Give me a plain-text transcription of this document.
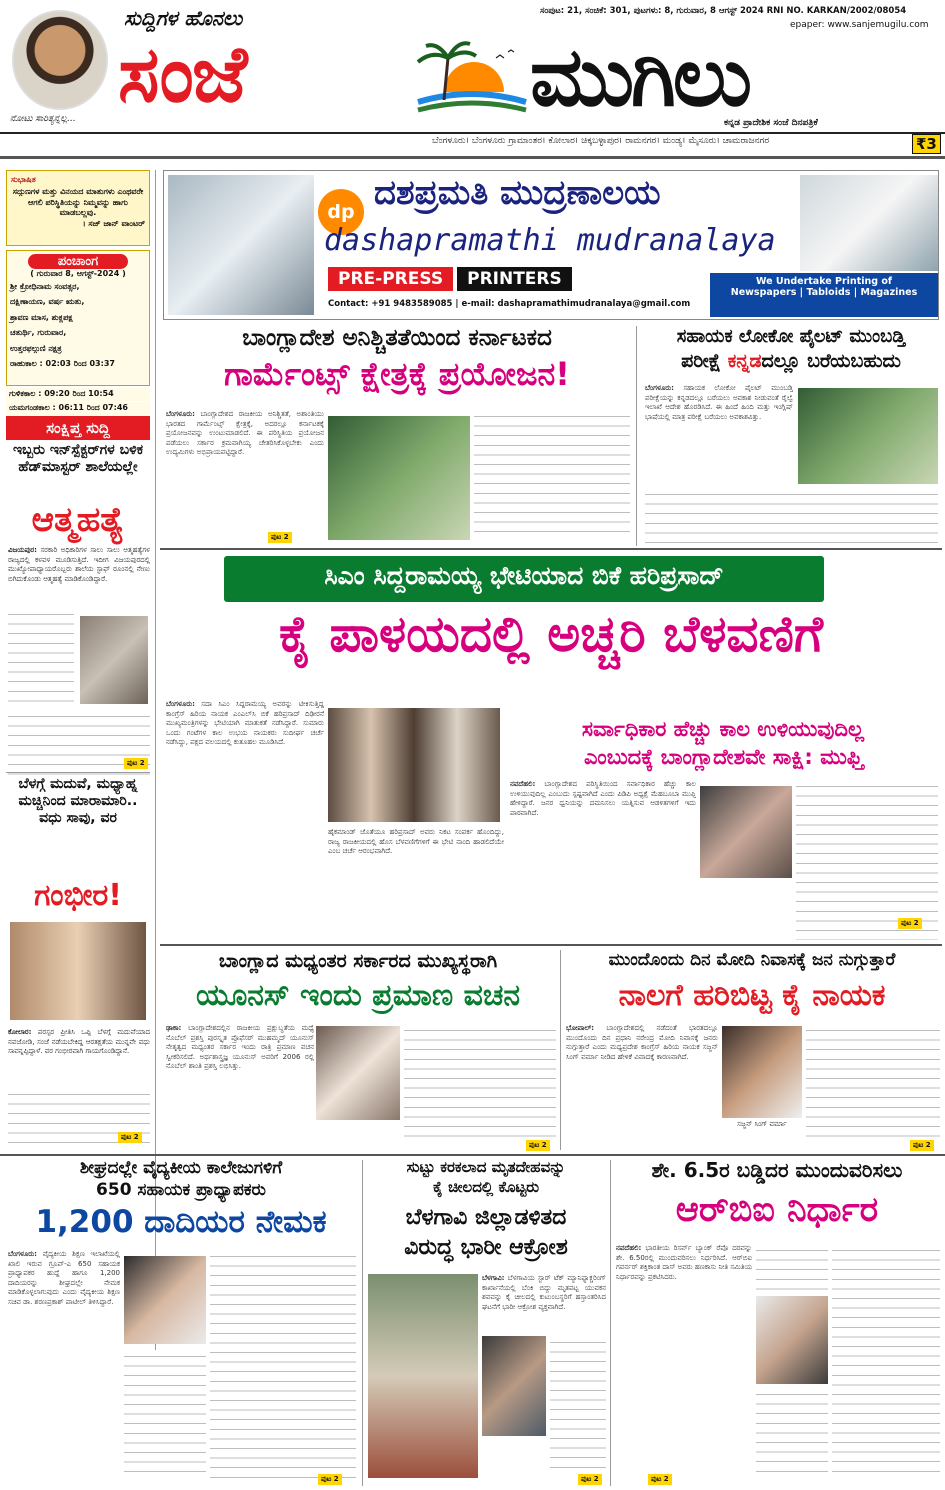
ನೋಟು ಸಾರಿತ್ಯನ್ನಲ್ಲ...
ಸುದ್ದಿಗಳ ಹೊನಲು
ಸಂಜೆ	ಮುಗಿಲು
ಸಂಪುಟ: 21, ಸಂಚಿಕೆ: 301, ಪುಟಗಳು: 8, ಗುರುವಾರ, 8 ಆಗಸ್ಟ್ 2024 RNI NO. KARKAN/2002/08054
epaper: www.sanjemugilu.com
ಕನ್ನಡ ಪ್ರಾದೇಶಿಕ ಸಂಜೆ ದಿನಪತ್ರಿಕೆ
ಬೆಂಗಳೂರು। ಬೆಂಗಳೂರು ಗ್ರಾಮಾಂತರ। ಕೋಲಾರ। ಚಿಕ್ಕಬಳ್ಳಾಪುರ। ರಾಮನಗರ। ಮಂಡ್ಯ। ಮೈಸೂರು। ಚಾಮರಾಜನಗರ	₹3
ಸುಭಾಷಿತ
ಸದ್ಗುಣಗಳ ಮತ್ತು ವಿನಯದ ಮಾತುಗಳು ಎಂಥವರೇ ಆಗಲಿ ಪರಿಸ್ಥಿತಿಯನ್ನು ನಿಮ್ಮವನ್ನು ಹಾಗು ಮಾಡಬಲ್ಲವು.
। ಸಜ್ ಜಾನ್ ವಾಂಟರ್
ಪಂಚಾಂಗ
( ಗುರುವಾರ 8, ಆಗಸ್ಟ್-2024 )
ಶ್ರೀ ಕ್ರೋಧಿನಾಮ ಸಂವತ್ಸರ,
ದಕ್ಷಿಣಾಯಣ, ವರ್ಷ ಋತು,
ಶ್ರಾವಣ ಮಾಸ, ಶುಕ್ಲಪಕ್ಷ
ಚತುರ್ಥಿ, ಗುರುವಾರ,
ಉತ್ತರಫಲ್ಗುಣಿ ನಕ್ಷತ್ರ
ರಾಹುಕಾಲ : 02:03 ರಿಂದ 03:37
ಗುಳಿಕಕಾಲ : 09:20 ರಿಂದ 10:54
ಯಮಗಂಡಕಾಲ : 06:11 ರಿಂದ 07:46
ಸಂಕ್ಷಿಪ್ತ ಸುದ್ದಿ
ಇಬ್ಬರು ಇನ್‌ಸ್ಪೆಕ್ಟರ್‌ಗಳ ಬಳಿಕ ಹೆಡ್‌ಮಾಸ್ಟರ್ ಶಾಲೆಯಲ್ಲೇ
ಆತ್ಮಹತ್ಯೆ
ವಿಜಯಪುರ: ಸರಕಾರಿ ಅಧಿಕಾರಿಗಳ ಸಾಲು ಸಾಲು ಆತ್ಮಹತ್ಯೆಗಳ ರಾಜ್ಯದಲ್ಲಿ ಕಳವಳ ಮೂಡಿಸುತ್ತಿದೆ. ಇದೀಗ ವಿಜಯಪುರದಲ್ಲಿ ಮುಖ್ಯೋಪಾಧ್ಯಾಯರೊಬ್ಬರು ಶಾಲೆಯ ಸ್ಟಾಫ್ ರೂಂನಲ್ಲಿ ನೇಣು ಬಿಗಿದುಕೊಂಡು ಆತ್ಮಹತ್ಯೆ ಮಾಡಿಕೊಂಡಿದ್ದಾರೆ.
ಪುಟ 2
ಬೆಳಗ್ಗೆ ಮದುವೆ, ಮಧ್ಯಾಹ್ನ ಮಚ್ಚಿನಿಂದ ಮಾರಾಮಾರಿ.. ವಧು ಸಾವು, ವರ
ಗಂಭೀರ!
ಕೋಲಾರ: ಪರಸ್ಪರ ಪ್ರೀತಿಸಿ ಒಪ್ಪಿ ಬೆಳಗ್ಗೆ ಮದುವೆಯಾದ ನವಜೋಡಿ, ಸಂಜೆ ನಡೆಯಬೇಕಿದ್ದ ಆರತಕ್ಷತೆಯ ಮುನ್ನವೇ ವಧು ಸಾವನ್ನಪ್ಪಿದ್ದಾಳೆ. ವರ ಗಂಭೀರವಾಗಿ ಗಾಯಗೊಂಡಿದ್ದಾನೆ.
ಪುಟ 2
dp ದಶಪ್ರಮತಿ ಮುದ್ರಣಾಲಯ
dashapramathi mudranalaya
PRE-PRESS	PRINTERS
Contact: +91 9483589085 | e-mail: dashapramathimudranalaya@gmail.com
We Undertake Printing of
Newspapers | Tabloids | Magazines
ಬಾಂಗ್ಲಾದೇಶ ಅನಿಶ್ಚಿತತೆಯಿಂದ ಕರ್ನಾಟಕದ
ಗಾರ್ಮೆಂಟ್ಸ್ ಕ್ಷೇತ್ರಕ್ಕೆ ಪ್ರಯೋಜನ!
ಬೆಂಗಳೂರು: ಬಾಂಗ್ಲಾದೇಶದ ರಾಜಕೀಯ ಅನಿಶ್ಚಿತತೆ, ಅಶಾಂತಿಯು ಭಾರತದ ಗಾರ್ಮೆಂಟ್ಸ್ ಕ್ಷೇತ್ರಕ್ಕೆ, ಅದರಲ್ಲೂ ಕರ್ನಾಟಕಕ್ಕೆ ಪ್ರಯೋಜನವನ್ನು ಉಂಟುಮಾಡಲಿದೆ. ಈ ಪರಿಸ್ಥಿತಿಯ ಪ್ರಯೋಜನ ಪಡೆಯಲು ಸರ್ಕಾರ ಕ್ರಮವಾಗಿಯ್ಯ ಚೇತರಿಸಿಕೊಳ್ಳಬೇಕು ಎಂದು ಉದ್ಯಮಿಗಳು ಅಭಿಪ್ರಾಯಪಟ್ಟಿದ್ದಾರೆ.
ಪುಟ 2
ಸಹಾಯಕ ಲೋಕೋ ಪೈಲಟ್ ಮುಂಬಡ್ತಿ
ಪರೀಕ್ಷೆ ಕನ್ನಡದಲ್ಲೂ ಬರೆಯಬಹುದು
ಬೆಂಗಳೂರು: ಸಹಾಯಕ ಲೋಕೋ ಪೈಲಟ್ ಮುಂಬಡ್ತಿ ಪರೀಕ್ಷೆಯನ್ನು ಕನ್ನಡದಲ್ಲೂ ಬರೆಯಲು ಅವಕಾಶ ನೀಡುವಂತೆ ರೈಲ್ವೆ ಇಲಾಖೆ ಆದೇಶ ಹೊರಡಿಸಿದೆ. ಈ ಹಿಂದೆ ಹಿಂದಿ ಮತ್ತು ಇಂಗ್ಲಿಷ್ ಭಾಷೆಯಲ್ಲಿ ಮಾತ್ರ ಪರೀಕ್ಷೆ ಬರೆಯಲು ಅವಕಾಶವಿತ್ತು.
ಸಿಎಂ ಸಿದ್ದರಾಮಯ್ಯ ಭೇಟಿಯಾದ ಬಿಕೆ ಹರಿಪ್ರಸಾದ್
ಕೈ ಪಾಳಯದಲ್ಲಿ ಅಚ್ಚರಿ ಬೆಳವಣಿಗೆ
ಬೆಂಗಳೂರು: ಸದಾ ಸಿಎಂ ಸಿದ್ದರಾಮಯ್ಯ ಅವರನ್ನು ಟೀಕಿಸುತ್ತಿದ್ದ ಕಾಂಗ್ರೆಸ್ ಹಿರಿಯ ನಾಯಕ ಎಂಎಲ್‌ಸಿ ಬಿಕೆ ಹರಿಪ್ರಸಾದ್ ದಿಢೀರನೆ ಮುಖ್ಯಮಂತ್ರಿಗಳನ್ನು ಭೇಟಿಯಾಗಿ ಮಾತುಕತೆ ನಡೆಸಿದ್ದಾರೆ. ಸುಮಾರು ಒಂದು ಗಂಟೆಗಳ ಕಾಲ ಉಭಯ ನಾಯಕರು ಸುದೀರ್ಘ ಚರ್ಚೆ ನಡೆಸಿದ್ದು, ಪಕ್ಷದ ವಲಯದಲ್ಲಿ ಕುತೂಹಲ ಮೂಡಿಸಿದೆ.
ಹೈಕಮಾಂಡ್ ಜೊತೆಯೂ ಹರಿಪ್ರಸಾದ್ ಅವರು ನಿಕಟ ಸಂಪರ್ಕ ಹೊಂದಿದ್ದು, ರಾಜ್ಯ ರಾಜಕೀಯದಲ್ಲಿ ಹೊಸ ಬೆಳವಣಿಗೆಗಳಿಗೆ ಈ ಭೇಟಿ ನಾಂದಿ ಹಾಡಲಿದೆಯೇ ಎಂಬ ಚರ್ಚೆ ಆರಂಭವಾಗಿದೆ.
ಸರ್ವಾಧಿಕಾರ ಹೆಚ್ಚು ಕಾಲ ಉಳಿಯುವುದಿಲ್ಲ
ಎಂಬುದಕ್ಕೆ ಬಾಂಗ್ಲಾದೇಶವೇ ಸಾಕ್ಷಿ: ಮುಫ್ತಿ
ನವದೆಹಲಿ: ಬಾಂಗ್ಲಾದೇಶದ ಪರಿಸ್ಥಿತಿಯಿಂದ ಸರ್ವಾಧಿಕಾರ ಹೆಚ್ಚು ಕಾಲ ಉಳಿಯುವುದಿಲ್ಲ ಎಂಬುದು ಸ್ಪಷ್ಟವಾಗಿದೆ ಎಂದು ಪಿಡಿಪಿ ಅಧ್ಯಕ್ಷೆ ಮೆಹಬೂಬಾ ಮುಫ್ತಿ ಹೇಳಿದ್ದಾರೆ. ಜನರ ಧ್ವನಿಯನ್ನು ದಮನಿಸಲು ಯತ್ನಿಸುವ ಆಡಳಿತಗಳಿಗೆ ಇದು ಪಾಠವಾಗಿದೆ.
ಪುಟ 2
ಬಾಂಗ್ಲಾದ ಮಧ್ಯಂತರ ಸರ್ಕಾರದ ಮುಖ್ಯಸ್ಥರಾಗಿ
ಯೂನಸ್ ಇಂದು ಪ್ರಮಾಣ ವಚನ
ಢಾಕಾ: ಬಾಂಗ್ಲಾದೇಶದಲ್ಲಿನ ರಾಜಕೀಯ ಪ್ರಕ್ಷುಬ್ಧತೆಯ ಮಧ್ಯೆ ನೊಬೆಲ್ ಪ್ರಶಸ್ತಿ ಪುರಸ್ಕೃತ ಪ್ರೊಫೆಸರ್ ಮುಹಮ್ಮದ್ ಯೂನುಸ್ ನೇತೃತ್ವದ ಮಧ್ಯಂತರ ಸರ್ಕಾರ ಇಂದು ರಾತ್ರಿ ಪ್ರಮಾಣ ವಚನ ಸ್ವೀಕರಿಸಲಿದೆ. ಅರ್ಥಶಾಸ್ತ್ರಜ್ಞ ಯೂನುಸ್ ಅವರಿಗೆ 2006 ರಲ್ಲಿ ನೊಬೆಲ್ ಶಾಂತಿ ಪ್ರಶಸ್ತಿ ಲಭಿಸಿತ್ತು.
ಪುಟ 2
ಮುಂದೊಂದು ದಿನ ಮೋದಿ ನಿವಾಸಕ್ಕೆ ಜನ ನುಗ್ಗುತ್ತಾರೆ
ನಾಲಗೆ ಹರಿಬಿಟ್ಟ ಕೈ ನಾಯಕ
ಭೋಪಾಲ್: ಬಾಂಗ್ಲಾದೇಶದಲ್ಲಿ ನಡೆದಂತೆ ಭಾರತದಲ್ಲೂ ಮುಂದೊಂದು ದಿನ ಪ್ರಧಾನಿ ನರೇಂದ್ರ ಮೋದಿ ನಿವಾಸಕ್ಕೆ ಜನರು ನುಗ್ಗುತ್ತಾರೆ ಎಂದು ಮಧ್ಯಪ್ರದೇಶ ಕಾಂಗ್ರೆಸ್ ಹಿರಿಯ ನಾಯಕ ಸಜ್ಜನ್ ಸಿಂಗ್ ವರ್ಮಾ ನೀಡಿದ ಹೇಳಿಕೆ ವಿವಾದಕ್ಕೆ ಕಾರಣವಾಗಿದೆ.
ಸಜ್ಜನ್ ಸಿಂಗ್ ವರ್ಮಾ
ಪುಟ 2
ಶೀಘ್ರದಲ್ಲೇ ವೈದ್ಯಕೀಯ ಕಾಲೇಜುಗಳಿಗೆ
650 ಸಹಾಯಕ ಪ್ರಾಧ್ಯಾಪಕರು
1,200 ದಾದಿಯರ ನೇಮಕ
ಬೆಂಗಳೂರು: ವೈದ್ಯಕೀಯ ಶಿಕ್ಷಣ ಇಲಾಖೆಯಲ್ಲಿ ಖಾಲಿ ಇರುವ ಗ್ರೂಪ್-ಎ 650 ಸಹಾಯಕ ಪ್ರಾಧ್ಯಾಪಕರ ಹುದ್ದೆ ಹಾಗೂ 1,200 ದಾದಿಯರನ್ನು ಶೀಘ್ರದಲ್ಲೇ ನೇಮಕ ಮಾಡಿಕೊಳ್ಳಲಾಗುವುದು ಎಂದು ವೈದ್ಯಕೀಯ ಶಿಕ್ಷಣ ಸಚಿವ ಡಾ. ಶರಣಪ್ರಕಾಶ್ ಪಾಟೀಲ್ ತಿಳಿಸಿದ್ದಾರೆ.
ಪುಟ 2
ಸುಟ್ಟು ಕರಕಲಾದ ಮೃತದೇಹವನ್ನು
ಕೈ ಚೀಲದಲ್ಲಿ ಕೊಟ್ಟರು
ಬೆಳಗಾವಿ ಜಿಲ್ಲಾಡಳಿತದ
ವಿರುದ್ಧ ಭಾರೀ ಆಕ್ರೋಶ
ಬೆಳಗಾವಿ: ಬೆಳಗಾವಿಯ ಸ್ಟಾರ್ ಟೆಕ್ ಮ್ಯಾನಿಫ್ಯಾಕ್ಚರಿಂಗ್ ಕಾರ್ಖಾನೆಯಲ್ಲಿ ಬೆಂಕಿ ಬಿದ್ದು ಮೃತಪಟ್ಟ ಯುವಕನ ಶವವನ್ನು ಕೈ ಚೀಲದಲ್ಲಿ ಕುಟುಂಬಸ್ಥರಿಗೆ ಹಸ್ತಾಂತರಿಸಿದ ಘಟನೆಗೆ ಭಾರೀ ಆಕ್ರೋಶ ವ್ಯಕ್ತವಾಗಿದೆ.
ಪುಟ 2
ಶೇ. 6.5ರ ಬಡ್ಡಿದರ ಮುಂದುವರಿಸಲು
ಆರ್‌ಬಿಐ ನಿರ್ಧಾರ
ನವದೆಹಲಿ: ಭಾರತೀಯ ರಿಸರ್ವ್ ಬ್ಯಾಂಕ್ ರೆಪೊ ದರವನ್ನು ಶೇ. 6.50ರಲ್ಲಿ ಮುಂದುವರಿಸಲು ನಿರ್ಧರಿಸಿದೆ. ಆರ್‌ಬಿಐ ಗವರ್ನರ್ ಶಕ್ತಿಕಾಂತ ದಾಸ್ ಅವರು ಹಣಕಾಸು ನೀತಿ ಸಮಿತಿಯ ನಿರ್ಧಾರವನ್ನು ಪ್ರಕಟಿಸಿದರು.
ಪುಟ 2
